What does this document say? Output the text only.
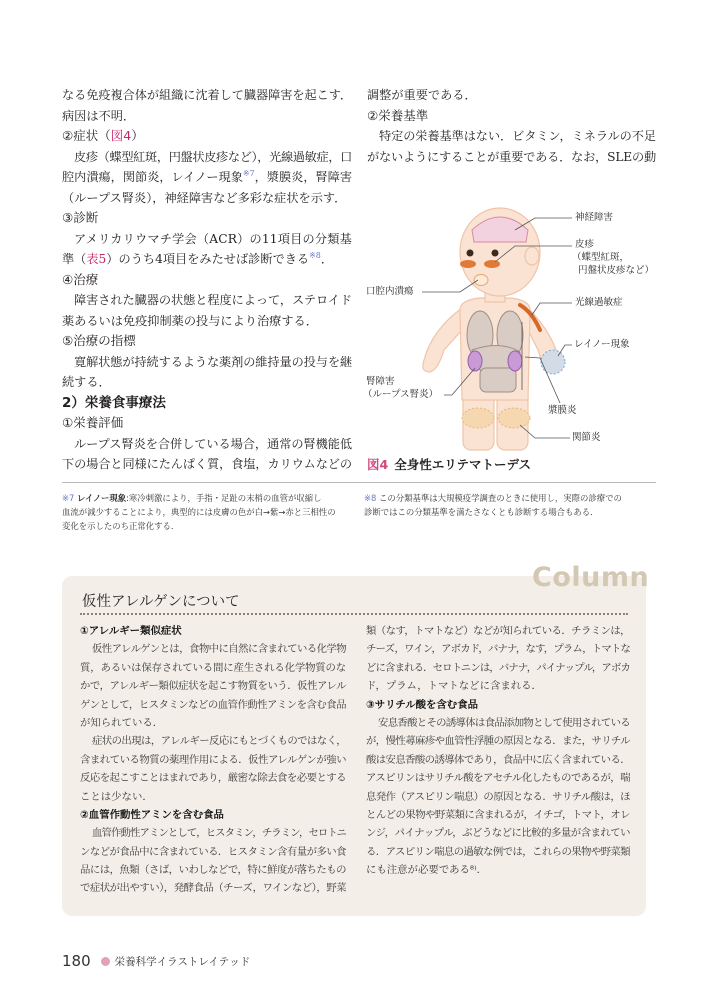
なる免疫複合体が組織に沈着して臓器障害を起こす．
病因は不明．
②症状（図4）
皮疹（蝶型紅斑，円盤状皮疹など），光線過敏症，口
腔内潰瘍，関節炎，レイノー現象$^{※7}$，漿膜炎，腎障害
（ループス腎炎），神経障害など多彩な症状を示す．
③診断
アメリカリウマチ学会（ACR）の11項目の分類基
準（表5）のうち4項目をみたせば診断できる$^{※8}$．
④治療
障害された臓器の状態と程度によって，ステロイド
薬あるいは免疫抑制薬の投与により治療する．
⑤治療の指標
寛解状態が持続するような薬剤の維持量の投与を継
続する．
2）栄養食事療法
①栄養評価
ループス腎炎を合併している場合，通常の腎機能低
下の場合と同様にたんぱく質，食塩，カリウムなどの
調整が重要である．
②栄養基準
特定の栄養基準はない．ビタミン，ミネラルの不足
がないようにすることが重要である．なお，SLEの動
神経障害
皮疹
（蝶型紅斑，
円盤状皮疹など）
口腔内潰瘍
光線過敏症
レイノー現象
腎障害
（ループス腎炎）
漿膜炎
関節炎
図4 全身性エリテマトーデス
※7 レイノー現象:寒冷刺激により，手指・足趾の末梢の血管が収縮し
血流が減少することにより，典型的には皮膚の色が白→紫→赤と三相性の
変化を示したのち正常化する．
※8 この分類基準は大規模疫学調査のときに使用し，実際の診療での
診断ではこの分類基準を満たさなくとも診断する場合もある．
Column
仮性アレルゲンについて
①アレルギー類似症状
仮性アレルゲンとは，食物中に自然に含まれている化学物
質，あるいは保存されている間に産生される化学物質のな
かで，アレルギー類似症状を起こす物質をいう．仮性アレル
ゲンとして，ヒスタミンなどの血管作動性アミンを含む食品
が知られている．
症状の出現は，アレルギー反応にもとづくものではなく，
含まれている物質の薬理作用による．仮性アレルゲンが強い
反応を起こすことはまれであり，厳密な除去食を必要とする
ことは少ない．
②血管作動性アミンを含む食品
血管作動性アミンとして，ヒスタミン，チラミン，セロトニ
ンなどが食品中に含まれている．ヒスタミン含有量が多い食
品には，魚類（さば，いわしなどで，特に鮮度が落ちたもの
で症状が出やすい），発酵食品（チーズ，ワインなど），野菜
類（なす，トマトなど）などが知られている．チラミンは，
チーズ，ワイン，アボカド，バナナ，なす，プラム，トマトな
どに含まれる．セロトニンは，バナナ，パイナップル，アボカ
ド，プラム，トマトなどに含まれる．
③サリチル酸を含む食品
安息香酸とその誘導体は食品添加物として使用されている
が，慢性蕁麻疹や血管性浮腫の原因となる．また，サリチル
酸は安息香酸の誘導体であり，食品中に広く含まれている．
アスピリンはサリチル酸をアセチル化したものであるが，喘
息発作（アスピリン喘息）の原因となる．サリチル酸は，ほ
とんどの果物や野菜類に含まれるが，イチゴ，トマト，オレ
ンジ，パイナップル，ぶどうなどに比較的多量が含まれてい
る．アスピリン喘息の過敏な例では，これらの果物や野菜類
にも注意が必要である⁸⁾．
180 栄養科学イラストレイテッド
